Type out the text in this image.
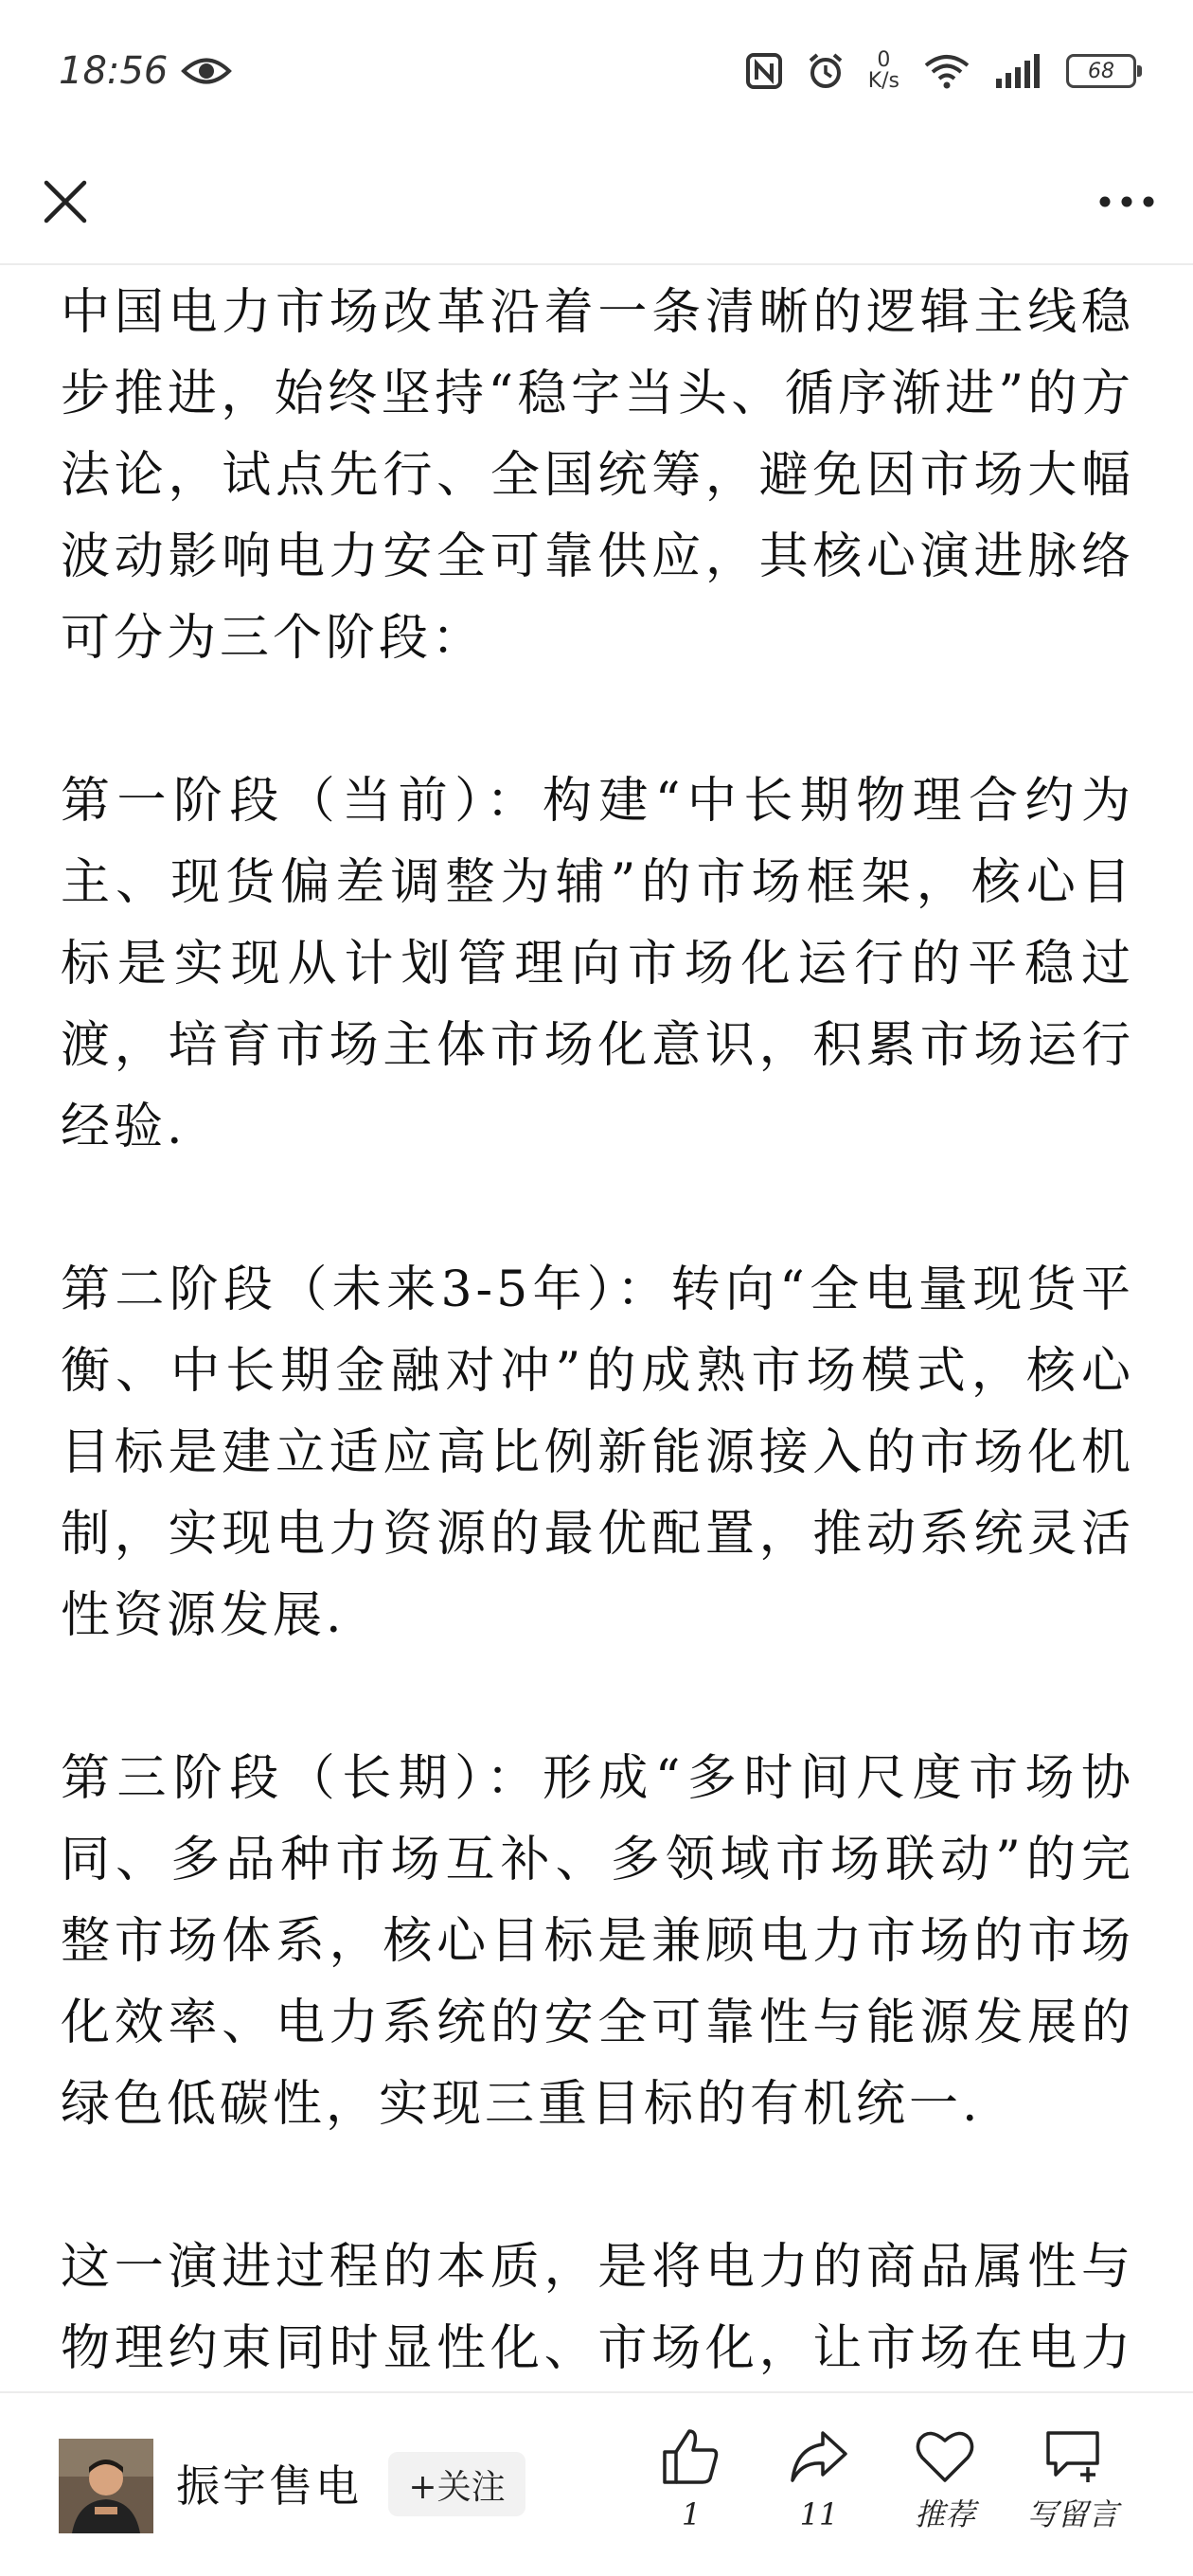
18:56	0
K/s	68

中国电力市场改革沿着一条清晰的逻辑主线稳步推进，始终坚持“稳字当头、循序渐进”的方法论，试点先行、全国统筹，避免因市场大幅波动影响电力安全可靠供应，其核心演进脉络可分为三个阶段：

第一阶段（当前）：构建“中长期物理合约为主、现货偏差调整为辅”的市场框架，核心目标是实现从计划管理向市场化运行的平稳过渡，培育市场主体市场化意识，积累市场运行经验.

第二阶段（未来3-5年）：转向“全电量现货平衡、中长期金融对冲”的成熟市场模式，核心目标是建立适应高比例新能源接入的市场化机制，实现电力资源的最优配置，推动系统灵活性资源发展.

第三阶段（长期）：形成“多时间尺度市场协同、多品种市场互补、多领域市场联动”的完整市场体系，核心目标是兼顾电力市场的市场化效率、电力系统的安全可靠性与能源发展的绿色低碳性，实现三重目标的有机统一.

这一演进过程的本质，是将电力的商品属性与物理约束同时显性化、市场化，让市场在电力

振宇售电	+关注
1	11	推荐 写留言
